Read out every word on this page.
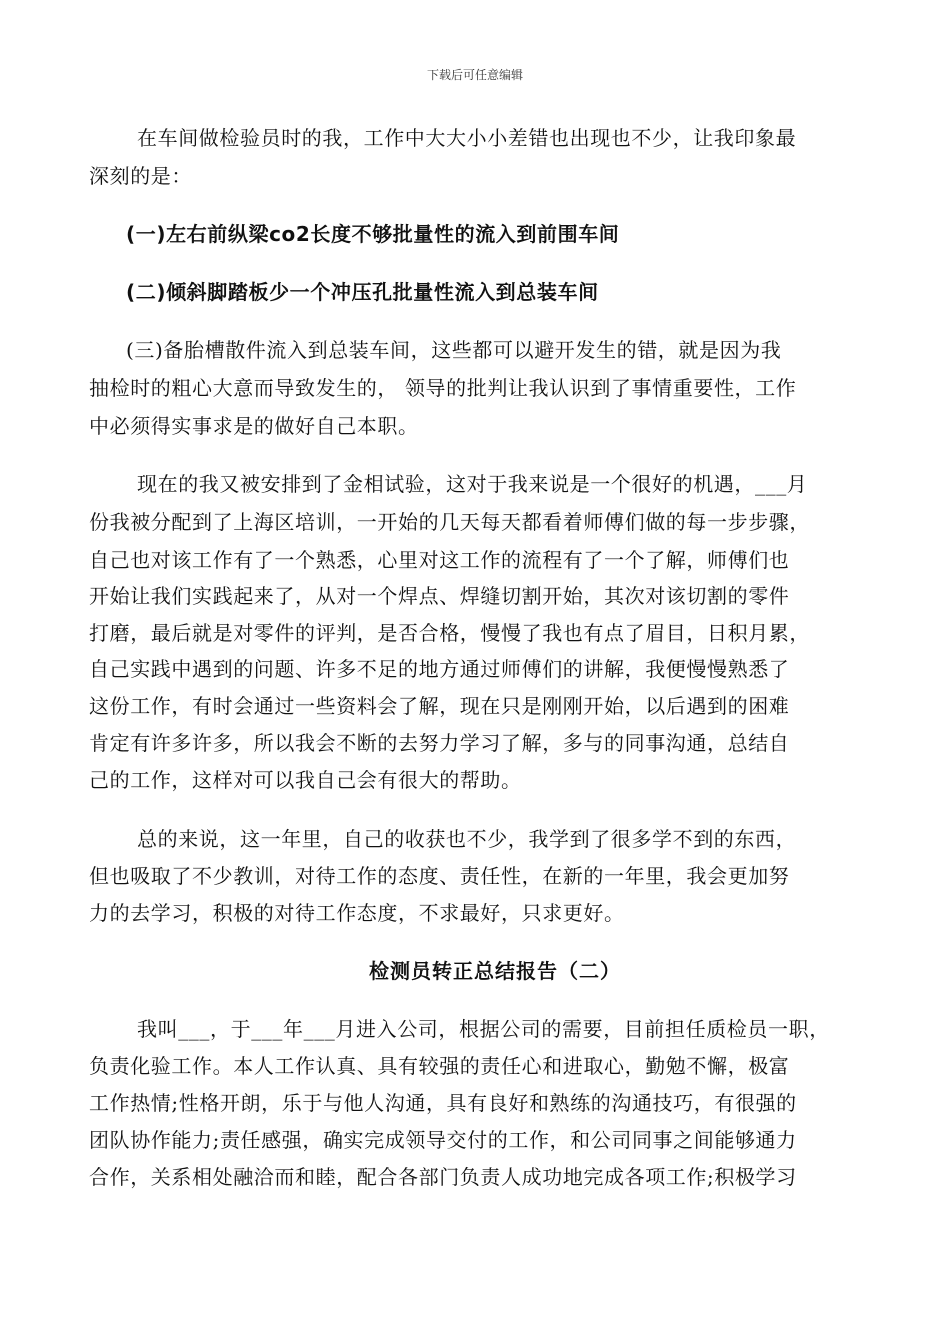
下载后可任意编辑
在车间做检验员时的我，工作中大大小小差错也出现也不少，让我印象最
深刻的是：
(一)左右前纵梁co2长度不够批量性的流入到前围车间
(二)倾斜脚踏板少一个冲压孔批量性流入到总装车间
(三)备胎槽散件流入到总装车间，这些都可以避开发生的错，就是因为我
抽检时的粗心大意而导致发生的， 领导的批判让我认识到了事情重要性，工作
中必须得实事求是的做好自己本职。
现在的我又被安排到了金相试验，这对于我来说是一个很好的机遇，___月
份我被分配到了上海区培训，一开始的几天每天都看着师傅们做的每一步步骤，
自己也对该工作有了一个熟悉，心里对这工作的流程有了一个了解，师傅们也
开始让我们实践起来了，从对一个焊点、焊缝切割开始，其次对该切割的零件
打磨，最后就是对零件的评判，是否合格，慢慢了我也有点了眉目，日积月累，
自己实践中遇到的问题、许多不足的地方通过师傅们的讲解，我便慢慢熟悉了
这份工作，有时会通过一些资料会了解，现在只是刚刚开始，以后遇到的困难
肯定有许多许多，所以我会不断的去努力学习了解，多与的同事沟通，总结自
己的工作，这样对可以我自己会有很大的帮助。
总的来说，这一年里，自己的收获也不少，我学到了很多学不到的东西，
但也吸取了不少教训，对待工作的态度、责任性，在新的一年里，我会更加努
力的去学习，积极的对待工作态度，不求最好，只求更好。
检测员转正总结报告（二）
我叫___，于___年___月进入公司，根据公司的需要，目前担任质检员一职，
负责化验工作。本人工作认真、具有较强的责任心和进取心，勤勉不懈，极富
工作热情;性格开朗，乐于与他人沟通，具有良好和熟练的沟通技巧，有很强的
团队协作能力;责任感强，确实完成领导交付的工作，和公司同事之间能够通力
合作，关系相处融洽而和睦，配合各部门负责人成功地完成各项工作;积极学习
